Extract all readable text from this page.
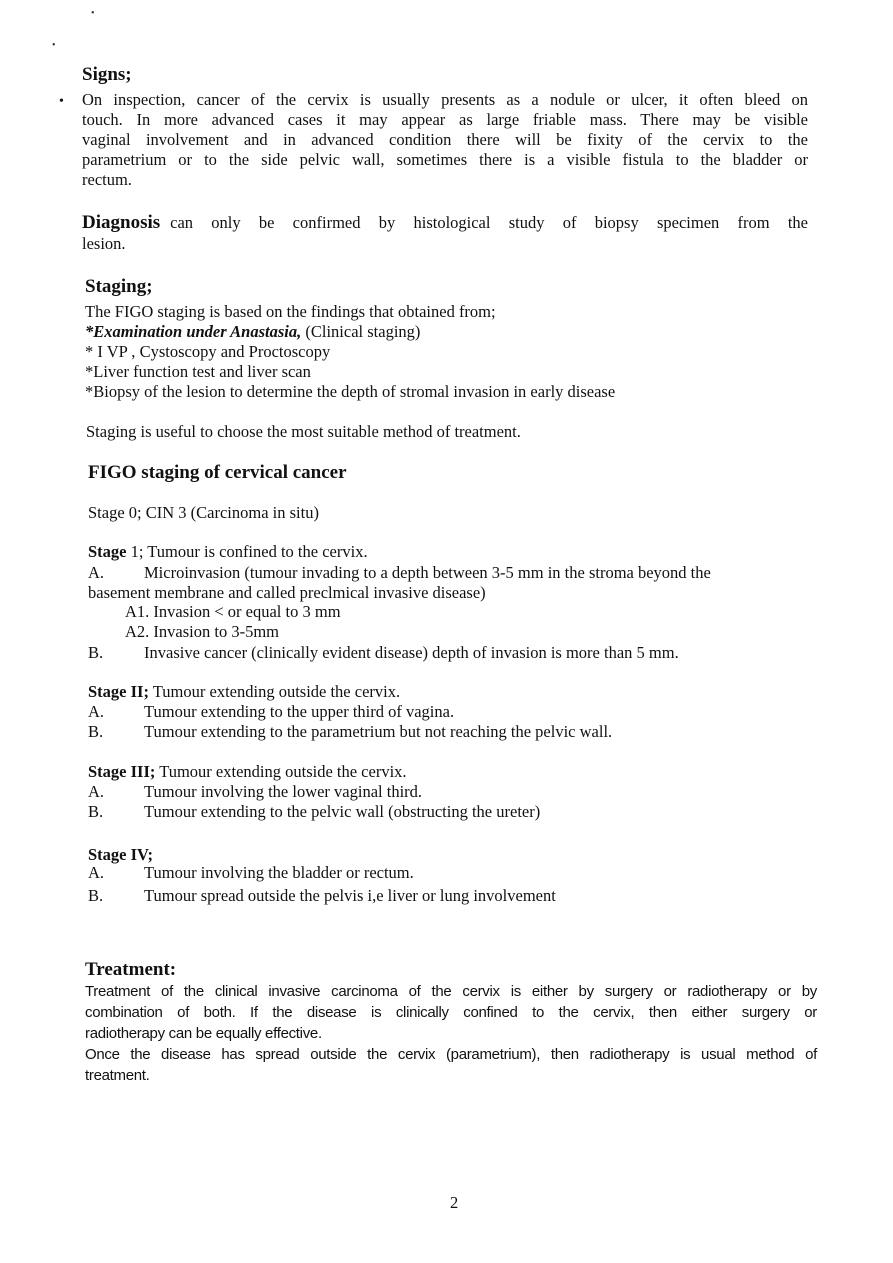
•
•
Signs;
• On inspection, cancer of the cervix is usually presents as a nodule or ulcer, it often bleed on
touch. In more advanced cases it may appear as large friable mass. There may be visible
vaginal involvement and in advanced condition there will be fixity of the cervix to the
parametrium or to the side pelvic wall, sometimes there is a visible fistula to the bladder or
rectum.
Diagnosis can only be confirmed by histological study of biopsy specimen from the
lesion.
Staging;
The FIGO staging is based on the findings that obtained from;
*Examination under Anastasia, (Clinical staging)
* I VP , Cystoscopy and Proctoscopy
*Liver function test and liver scan
*Biopsy of the lesion to determine the depth of stromal invasion in early disease
Staging is useful to choose the most suitable method of treatment.
FIGO staging of cervical cancer
Stage 0; CIN 3 (Carcinoma in situ)
Stage 1; Tumour is confined to the cervix.
A. Microinvasion (tumour invading to a depth between 3-5 mm in the stroma beyond the
basement membrane and called preclmical invasive disease)
A1. Invasion < or equal to 3 mm
A2. Invasion to 3-5mm
B. Invasive cancer (clinically evident disease) depth of invasion is more than 5 mm.
Stage II; Tumour extending outside the cervix.
A. Tumour extending to the upper third of vagina.
B. Tumour extending to the parametrium but not reaching the pelvic wall.
Stage III; Tumour extending outside the cervix.
A. Tumour involving the lower vaginal third.
B. Tumour extending to the pelvic wall (obstructing the ureter)
Stage IV;
A. Tumour involving the bladder or rectum.
B. Tumour spread outside the pelvis i,e liver or lung involvement
Treatment:
Treatment of the clinical invasive carcinoma of the cervix is either by surgery or radiotherapy or by
combination of both. If the disease is clinically confined to the cervix, then either surgery or
radiotherapy can be equally effective.
Once the disease has spread outside the cervix (parametrium), then radiotherapy is usual method of
treatment.
2
